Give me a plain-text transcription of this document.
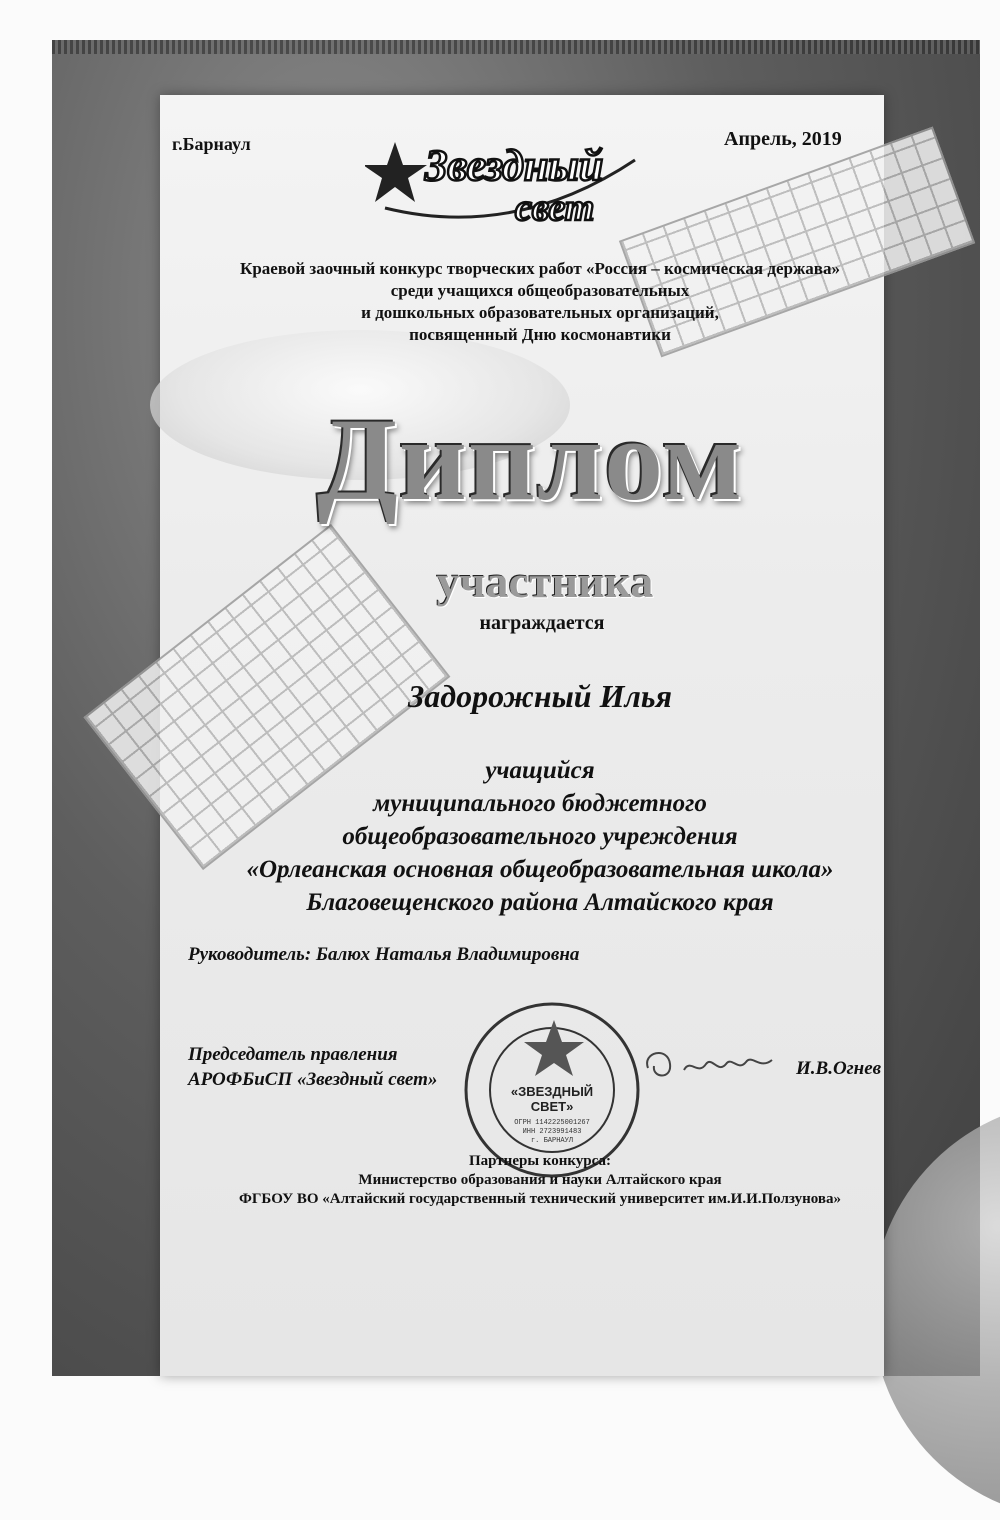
г.Барнаул	Апрель, 2019
Звездный
свет
Краевой заочный конкурс творческих работ «Россия – космическая держава»
среди учащихся общеобразовательных
и дошкольных образовательных организаций,
посвященный Дню космонавтики
Диплом
участника
награждается
Задорожный Илья
учащийся
муниципального бюджетного
общеобразовательного учреждения
«Орлеанская основная общеобразовательная школа»
Благовещенского района Алтайского края
Руководитель: Балюх Наталья Владимировна
Председатель правления
АРОФБиСП «Звездный свет»
«ЗВЕЗДНЫЙ
СВЕТ»
ОГРН 1142225001267
ИНН 2723991483
г. БАРНАУЛ
И.В.Огнев
Партнеры конкурса:
Министерство образования и науки Алтайского края
ФГБОУ ВО «Алтайский государственный технический университет им.И.И.Ползунова»
